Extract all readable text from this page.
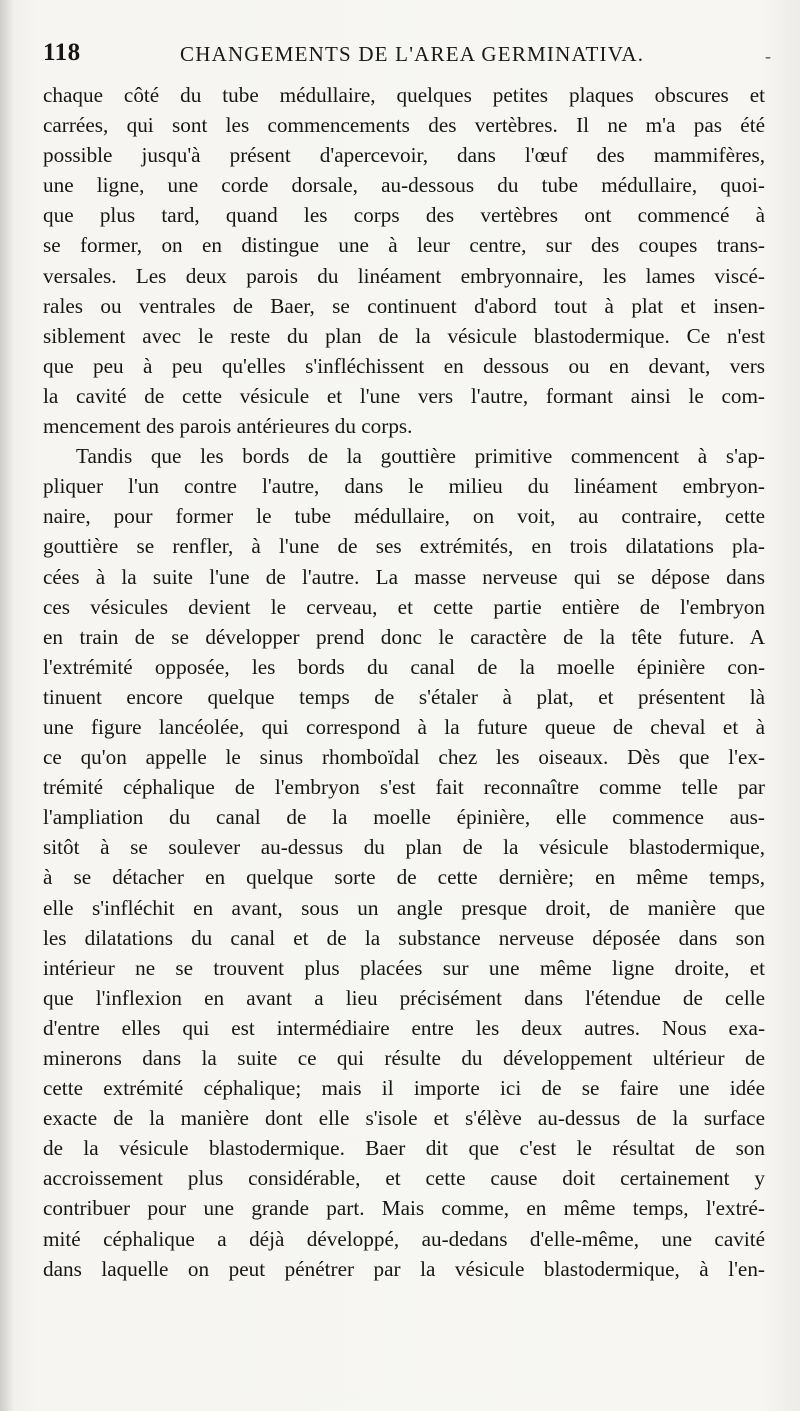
118	CHANGEMENTS DE L'AREA GERMINATIVA.	-
chaque côté du tube médullaire, quelques petites plaques obscures et
carrées, qui sont les commencements des vertèbres. Il ne m'a pas été
possible jusqu'à présent d'apercevoir, dans l'œuf des mammifères,
une ligne, une corde dorsale, au-dessous du tube médullaire, quoi-
que plus tard, quand les corps des vertèbres ont commencé à
se former, on en distingue une à leur centre, sur des coupes trans-
versales. Les deux parois du linéament embryonnaire, les lames viscé-
rales ou ventrales de Baer, se continuent d'abord tout à plat et insen-
siblement avec le reste du plan de la vésicule blastodermique. Ce n'est
que peu à peu qu'elles s'infléchissent en dessous ou en devant, vers
la cavité de cette vésicule et l'une vers l'autre, formant ainsi le com-
mencement des parois antérieures du corps.
Tandis que les bords de la gouttière primitive commencent à s'ap-
pliquer l'un contre l'autre, dans le milieu du linéament embryon-
naire, pour former le tube médullaire, on voit, au contraire, cette
gouttière se renfler, à l'une de ses extrémités, en trois dilatations pla-
cées à la suite l'une de l'autre. La masse nerveuse qui se dépose dans
ces vésicules devient le cerveau, et cette partie entière de l'embryon
en train de se développer prend donc le caractère de la tête future. A
l'extrémité opposée, les bords du canal de la moelle épinière con-
tinuent encore quelque temps de s'étaler à plat, et présentent là
une figure lancéolée, qui correspond à la future queue de cheval et à
ce qu'on appelle le sinus rhomboïdal chez les oiseaux. Dès que l'ex-
trémité céphalique de l'embryon s'est fait reconnaître comme telle par
l'ampliation du canal de la moelle épinière, elle commence aus-
sitôt à se soulever au-dessus du plan de la vésicule blastodermique,
à se détacher en quelque sorte de cette dernière; en même temps,
elle s'infléchit en avant, sous un angle presque droit, de manière que
les dilatations du canal et de la substance nerveuse déposée dans son
intérieur ne se trouvent plus placées sur une même ligne droite, et
que l'inflexion en avant a lieu précisément dans l'étendue de celle
d'entre elles qui est intermédiaire entre les deux autres. Nous exa-
minerons dans la suite ce qui résulte du développement ultérieur de
cette extrémité céphalique; mais il importe ici de se faire une idée
exacte de la manière dont elle s'isole et s'élève au-dessus de la surface
de la vésicule blastodermique. Baer dit que c'est le résultat de son
accroissement plus considérable, et cette cause doit certainement y
contribuer pour une grande part. Mais comme, en même temps, l'extré-
mité céphalique a déjà développé, au-dedans d'elle-même, une cavité
dans laquelle on peut pénétrer par la vésicule blastodermique, à l'en-
